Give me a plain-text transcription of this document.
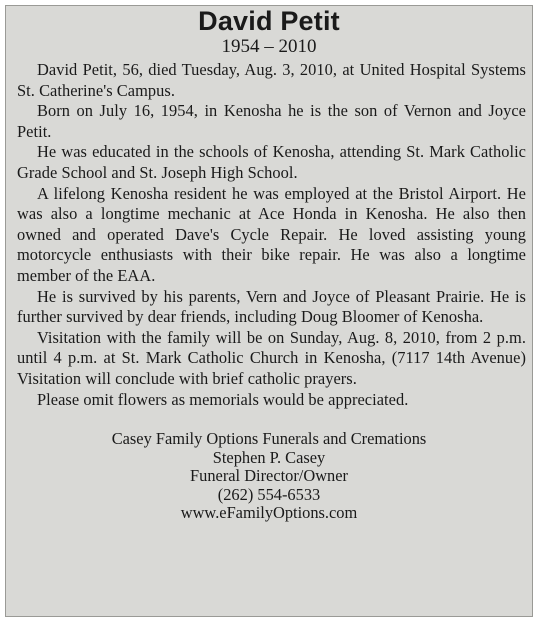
David Petit
1954 – 2010

David Petit, 56, died Tuesday, Aug. 3, 2010, at United Hospital Systems St. Catherine's Campus.

Born on July 16, 1954, in Kenosha he is the son of Vernon and Joyce Petit.

He was educated in the schools of Kenosha, attending St. Mark Catholic Grade School and St. Joseph High School.

A lifelong Kenosha resident he was employed at the Bristol Airport. He was also a longtime mechanic at Ace Honda in Kenosha. He also then owned and operated Dave's Cycle Repair. He loved assisting young motorcycle enthusiasts with their bike repair. He was also a longtime member of the EAA.

He is survived by his parents, Vern and Joyce of Pleasant Prairie. He is further survived by dear friends, including Doug Bloomer of Kenosha.

Visitation with the family will be on Sunday, Aug. 8, 2010, from 2 p.m. until 4 p.m. at St. Mark Catholic Church in Kenosha, (7117 14th Avenue) Visitation will conclude with brief catholic prayers.

Please omit flowers as memorials would be appreciated.

Casey Family Options Funerals and Cremations
Stephen P. Casey
Funeral Director/Owner
(262) 554-6533
www.eFamilyOptions.com
